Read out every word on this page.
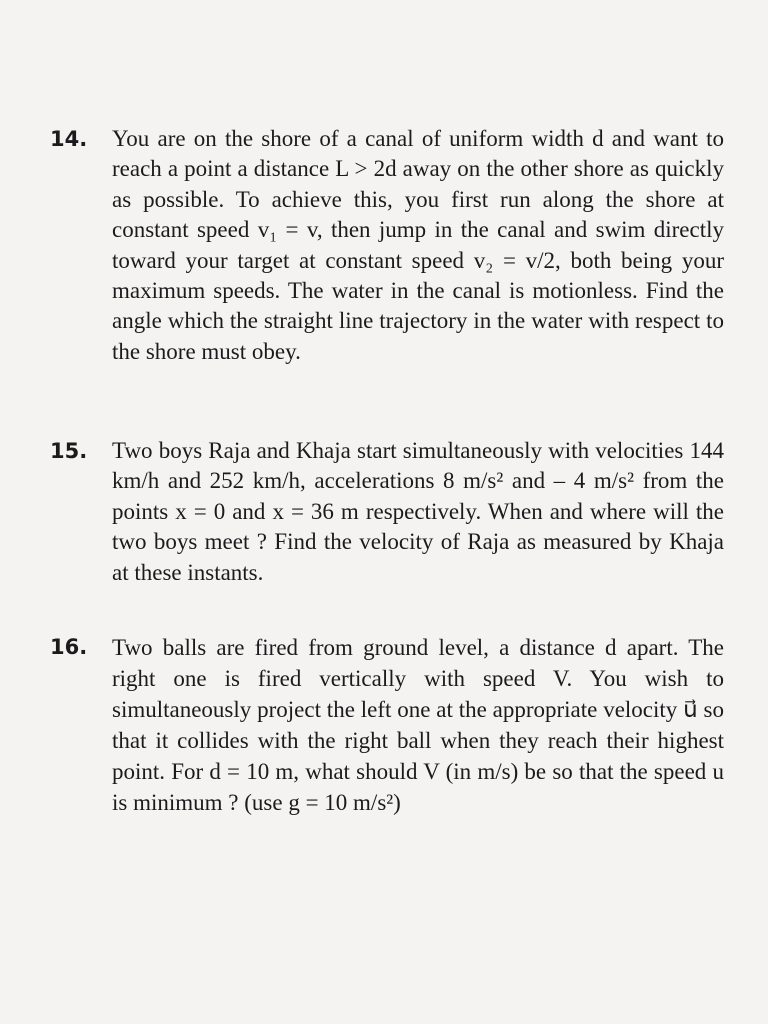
14. You are on the shore of a canal of uniform width d and want to reach a point a distance L > 2d away on the other shore as quickly as possible. To achieve this, you first run along the shore at constant speed v₁ = v, then jump in the canal and swim directly toward your target at constant speed v₂ = v/2, both being your maximum speeds. The water in the canal is motionless. Find the angle which the straight line trajectory in the water with respect to the shore must obey.
15. Two boys Raja and Khaja start simultaneously with velocities 144 km/h and 252 km/h, accelerations 8 m/s² and – 4 m/s² from the points x = 0 and x = 36 m respectively. When and where will the two boys meet ? Find the velocity of Raja as measured by Khaja at these instants.
16. Two balls are fired from ground level, a distance d apart. The right one is fired vertically with speed V. You wish to simultaneously project the left one at the appropriate velocity u⃗ so that it collides with the right ball when they reach their highest point. For d = 10 m, what should V (in m/s) be so that the speed u is minimum ? (use g = 10 m/s²)
